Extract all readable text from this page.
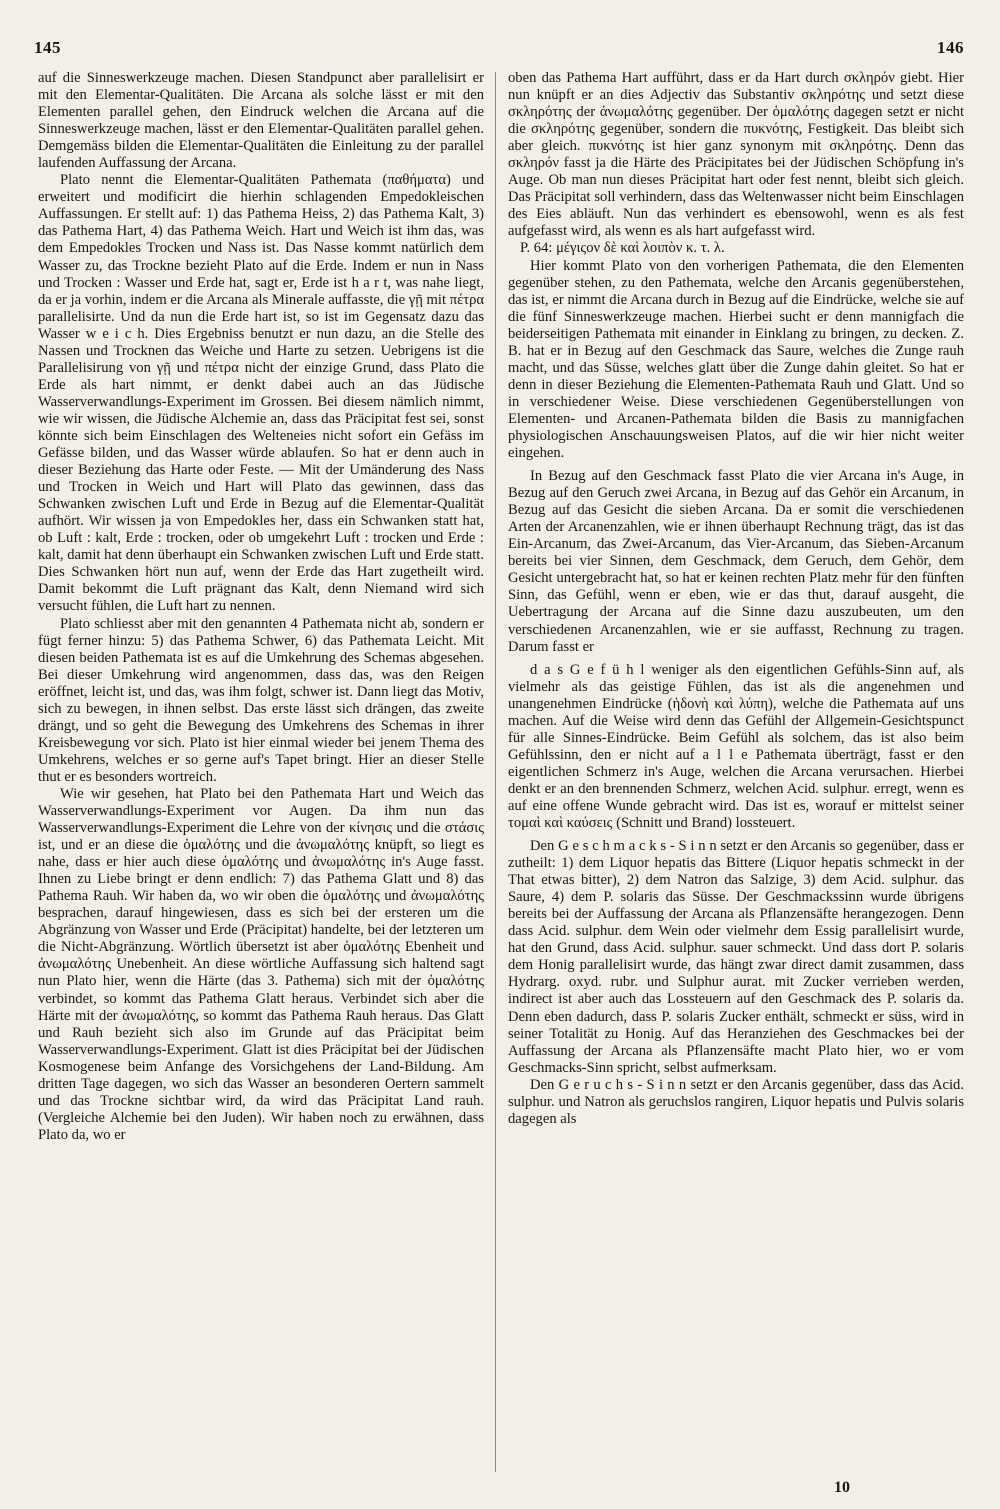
145	146

auf die Sinneswerkzeuge machen. Diesen Standpunct aber parallelisirt er mit den Elementar-Qualitäten. Die Arcana als solche lässt er mit den Elementen parallel gehen, den Eindruck welchen die Arcana auf die Sinneswerkzeuge machen, lässt er den Elementar-Qualitäten parallel gehen. Demgemäss bilden die Elementar-Qualitäten die Einleitung zu der parallel laufenden Auffassung der Arcana.

Plato nennt die Elementar-Qualitäten Pathemata (παθήματα) und erweitert und modificirt die hierhin schlagenden Empedokleischen Auffassungen. Er stellt auf: 1) das Pathema Heiss, 2) das Pathema Kalt, 3) das Pathema Hart, 4) das Pathema Weich. Hart und Weich ist ihm das, was dem Empedokles Trocken und Nass ist. Das Nasse kommt natürlich dem Wasser zu, das Trockne bezieht Plato auf die Erde. Indem er nun in Nass und Trocken : Wasser und Erde hat, sagt er, Erde ist h a r t, was nahe liegt, da er ja vorhin, indem er die Arcana als Minerale auffasste, die γῇ mit πέτρα parallelisirte. Und da nun die Erde hart ist, so ist im Gegensatz dazu das Wasser w e i c h. Dies Ergebniss benutzt er nun dazu, an die Stelle des Nassen und Trocknen das Weiche und Harte zu setzen. Uebrigens ist die Parallelisirung von γῇ und πέτρα nicht der einzige Grund, dass Plato die Erde als hart nimmt, er denkt dabei auch an das Jüdische Wasserverwandlungs-Experiment im Grossen. Bei diesem nämlich nimmt, wie wir wissen, die Jüdische Alchemie an, dass das Präcipitat fest sei, sonst könnte sich beim Einschlagen des Welteneies nicht sofort ein Gefäss im Gefässe bilden, und das Wasser würde ablaufen. So hat er denn auch in dieser Beziehung das Harte oder Feste. — Mit der Umänderung des Nass und Trocken in Weich und Hart will Plato das gewinnen, dass das Schwanken zwischen Luft und Erde in Bezug auf die Elementar-Qualität aufhört. Wir wissen ja von Empedokles her, dass ein Schwanken statt hat, ob Luft : kalt, Erde : trocken, oder ob umgekehrt Luft : trocken und Erde : kalt, damit hat denn überhaupt ein Schwanken zwischen Luft und Erde statt. Dies Schwanken hört nun auf, wenn der Erde das Hart zugetheilt wird. Damit bekommt die Luft prägnant das Kalt, denn Niemand wird sich versucht fühlen, die Luft hart zu nennen.

Plato schliesst aber mit den genannten 4 Pathemata nicht ab, sondern er fügt ferner hinzu: 5) das Pathema Schwer, 6) das Pathemata Leicht. Mit diesen beiden Pathemata ist es auf die Umkehrung des Schemas abgesehen. Bei dieser Umkehrung wird angenommen, dass das, was den Reigen eröffnet, leicht ist, und das, was ihm folgt, schwer ist. Dann liegt das Motiv, sich zu bewegen, in ihnen selbst. Das erste lässt sich drängen, das zweite drängt, und so geht die Bewegung des Umkehrens des Schemas in ihrer Kreisbewegung vor sich. Plato ist hier einmal wieder bei jenem Thema des Umkehrens, welches er so gerne auf's Tapet bringt. Hier an dieser Stelle thut er es besonders wortreich.

Wie wir gesehen, hat Plato bei den Pathemata Hart und Weich das Wasserverwandlungs-Experiment vor Augen. Da ihm nun das Wasserverwandlungs-Experiment die Lehre von der κίνησις und die στάσις ist, und er an diese die ὁμαλότης und die ἀνωμαλότης knüpft, so liegt es nahe, dass er hier auch diese ὁμαλότης und ἀνωμαλότης in's Auge fasst. Ihnen zu Liebe bringt er denn endlich: 7) das Pathema Glatt und 8) das Pathema Rauh. Wir haben da, wo wir oben die ὁμαλότης und ἀνωμαλότης besprachen, darauf hingewiesen, dass es sich bei der ersteren um die Abgränzung von Wasser und Erde (Präcipitat) handelte, bei der letzteren um die Nicht-Abgränzung. Wörtlich übersetzt ist aber ὁμαλότης Ebenheit und ἀνωμαλότης Unebenheit. An diese wörtliche Auffassung sich haltend sagt nun Plato hier, wenn die Härte (das 3. Pathema) sich mit der ὁμαλότης verbindet, so kommt das Pathema Glatt heraus. Verbindet sich aber die Härte mit der ἀνωμαλότης, so kommt das Pathema Rauh heraus. Das Glatt und Rauh bezieht sich also im Grunde auf das Präcipitat beim Wasserverwandlungs-Experiment. Glatt ist dies Präcipitat bei der Jüdischen Kosmogenese beim Anfange des Vorsichgehens der Land-Bildung. Am dritten Tage dagegen, wo sich das Wasser an besonderen Oertern sammelt und das Trockne sichtbar wird, da wird das Präcipitat Land rauh. (Vergleiche Alchemie bei den Juden). Wir haben noch zu erwähnen, dass Plato da, wo er

oben das Pathema Hart aufführt, dass er da Hart durch σκληρόν giebt. Hier nun knüpft er an dies Adjectiv das Substantiv σκληρότης und setzt diese σκληρότης der ἀνωμαλότης gegenüber. Der ὁμαλότης dagegen setzt er nicht die σκληρότης gegenüber, sondern die πυκνότης, Festigkeit. Das bleibt sich aber gleich. πυκνότης ist hier ganz synonym mit σκληρότης. Denn das σκληρόν fasst ja die Härte des Präcipitates bei der Jüdischen Schöpfung in's Auge. Ob man nun dieses Präcipitat hart oder fest nennt, bleibt sich gleich. Das Präcipitat soll verhindern, dass das Weltenwasser nicht beim Einschlagen des Eies abläuft. Nun das verhindert es ebensowohl, wenn es als fest aufgefasst wird, als wenn es als hart aufgefasst wird.

P. 64: μέγιςον δὲ καὶ λοιπὸν κ. τ. λ.

Hier kommt Plato von den vorherigen Pathemata, die den Elementen gegenüber stehen, zu den Pathemata, welche den Arcanis gegenüberstehen, das ist, er nimmt die Arcana durch in Bezug auf die Eindrücke, welche sie auf die fünf Sinneswerkzeuge machen. Hierbei sucht er denn mannigfach die beiderseitigen Pathemata mit einander in Einklang zu bringen, zu decken. Z. B. hat er in Bezug auf den Geschmack das Saure, welches die Zunge rauh macht, und das Süsse, welches glatt über die Zunge dahin gleitet. So hat er denn in dieser Beziehung die Elementen-Pathemata Rauh und Glatt. Und so in verschiedener Weise. Diese verschiedenen Gegenüberstellungen von Elementen- und Arcanen-Pathemata bilden die Basis zu mannigfachen physiologischen Anschauungsweisen Platos, auf die wir hier nicht weiter eingehen.

In Bezug auf den Geschmack fasst Plato die vier Arcana in's Auge, in Bezug auf den Geruch zwei Arcana, in Bezug auf das Gehör ein Arcanum, in Bezug auf das Gesicht die sieben Arcana. Da er somit die verschiedenen Arten der Arcanenzahlen, wie er ihnen überhaupt Rechnung trägt, das ist das Ein-Arcanum, das Zwei-Arcanum, das Vier-Arcanum, das Sieben-Arcanum bereits bei vier Sinnen, dem Geschmack, dem Geruch, dem Gehör, dem Gesicht untergebracht hat, so hat er keinen rechten Platz mehr für den fünften Sinn, das Gefühl, wenn er eben, wie er das thut, darauf ausgeht, die Uebertragung der Arcana auf die Sinne dazu auszubeuten, um den verschiedenen Arcanenzahlen, wie er sie auffasst, Rechnung zu tragen. Darum fasst er

d a s G e f ü h l weniger als den eigentlichen Gefühls-Sinn auf, als vielmehr als das geistige Fühlen, das ist als die angenehmen und unangenehmen Eindrücke (ἡδονὴ καὶ λύπη), welche die Pathemata auf uns machen. Auf die Weise wird denn das Gefühl der Allgemein-Gesichtspunct für alle Sinnes-Eindrücke. Beim Gefühl als solchem, das ist also beim Gefühlssinn, den er nicht auf a l l e Pathemata überträgt, fasst er den eigentlichen Schmerz in's Auge, welchen die Arcana verursachen. Hierbei denkt er an den brennenden Schmerz, welchen Acid. sulphur. erregt, wenn es auf eine offene Wunde gebracht wird. Das ist es, worauf er mittelst seiner τομαὶ καὶ καύσεις (Schnitt und Brand) lossteuert.

Den G e s c h m a c k s - S i n n setzt er den Arcanis so gegenüber, dass er zutheilt: 1) dem Liquor hepatis das Bittere (Liquor hepatis schmeckt in der That etwas bitter), 2) dem Natron das Salzige, 3) dem Acid. sulphur. das Saure, 4) dem P. solaris das Süsse. Der Geschmackssinn wurde übrigens bereits bei der Auffassung der Arcana als Pflanzensäfte herangezogen. Denn dass Acid. sulphur. dem Wein oder vielmehr dem Essig parallelisirt wurde, hat den Grund, dass Acid. sulphur. sauer schmeckt. Und dass dort P. solaris dem Honig parallelisirt wurde, das hängt zwar direct damit zusammen, dass Hydrarg. oxyd. rubr. und Sulphur aurat. mit Zucker verrieben werden, indirect ist aber auch das Lossteuern auf den Geschmack des P. solaris da. Denn eben dadurch, dass P. solaris Zucker enthält, schmeckt er süss, wird in seiner Totalität zu Honig. Auf das Heranziehen des Geschmackes bei der Auffassung der Arcana als Pflanzensäfte macht Plato hier, wo er vom Geschmacks-Sinn spricht, selbst aufmerksam.

Den G e r u c h s - S i n n setzt er den Arcanis gegenüber, dass das Acid. sulphur. und Natron als geruchslos rangiren, Liquor hepatis und Pulvis solaris dagegen als

10
